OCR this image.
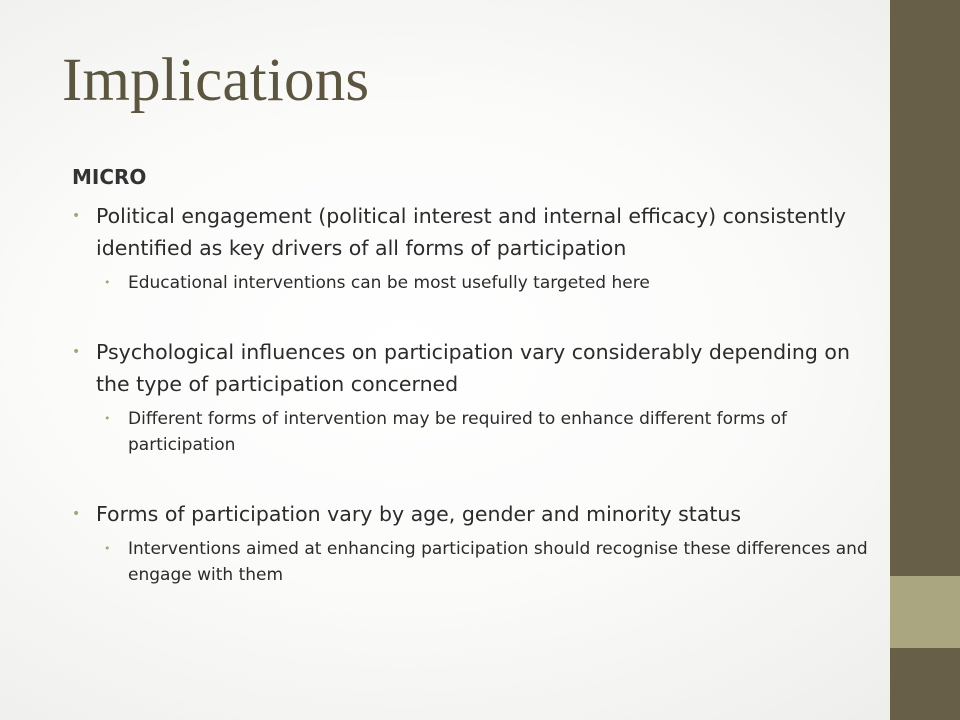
Implications

MICRO

• Political engagement (political interest and internal efficacy) consistently identified as key drivers of all forms of participation
• Educational interventions can be most usefully targeted here
• Psychological influences on participation vary considerably depending on the type of participation concerned
• Different forms of intervention may be required to enhance different forms of participation
• Forms of participation vary by age, gender and minority status
• Interventions aimed at enhancing participation should recognise these differences and engage with them
